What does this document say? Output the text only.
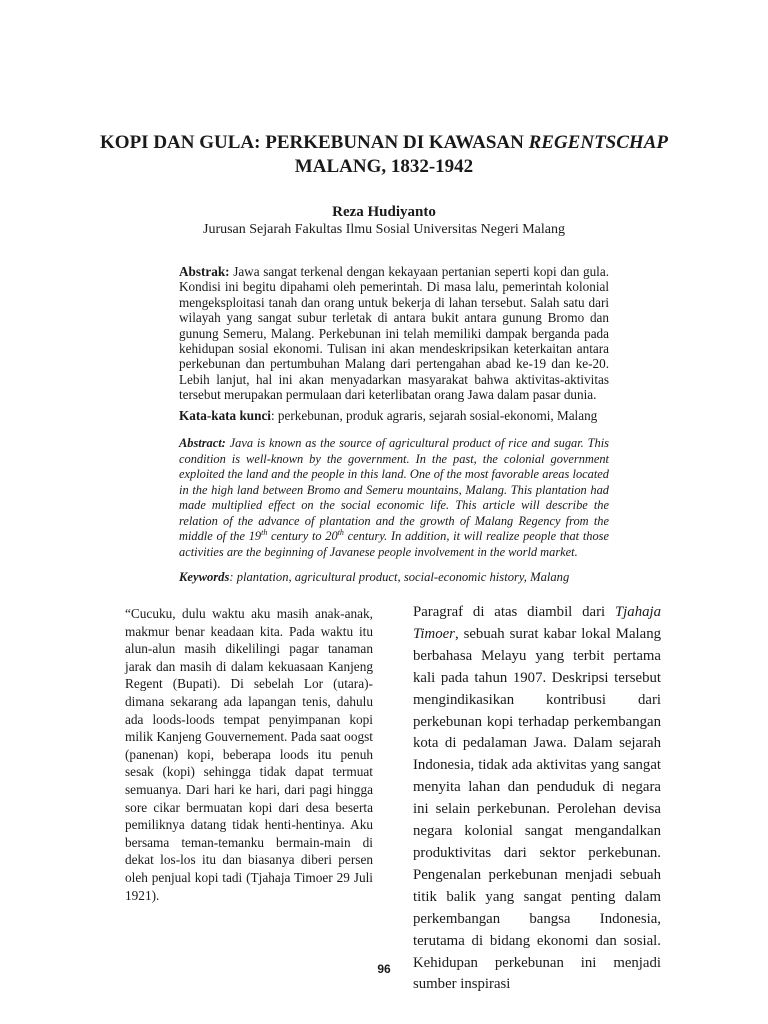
KOPI DAN GULA: PERKEBUNAN DI KAWASAN REGENTSCHAP
MALANG, 1832-1942
Reza Hudiyanto
Jurusan Sejarah Fakultas Ilmu Sosial Universitas Negeri Malang
Abstrak: Jawa sangat terkenal dengan kekayaan pertanian seperti kopi dan gula. Kondisi ini begitu dipahami oleh pemerintah. Di masa lalu, pemerintah kolonial mengeksploitasi tanah dan orang untuk bekerja di lahan tersebut. Salah satu dari wilayah yang sangat subur terletak di antara bukit antara gunung Bromo dan gunung Semeru, Malang. Perkebunan ini telah memiliki dampak berganda pada kehidupan sosial ekonomi. Tulisan ini akan mendeskripsikan keterkaitan antara perkebunan dan pertumbuhan Malang dari pertengahan abad ke-19 dan ke-20. Lebih lanjut, hal ini akan menyadarkan masyarakat bahwa aktivitas-aktivitas tersebut merupakan permulaan dari keterlibatan orang Jawa dalam pasar dunia.
Kata-kata kunci: perkebunan, produk agraris, sejarah sosial-ekonomi, Malang
Abstract: Java is known as the source of agricultural product of rice and sugar. This condition is well-known by the government. In the past, the colonial government exploited the land and the people in this land. One of the most favorable areas located in the high land between Bromo and Semeru mountains, Malang. This plantation had made multiplied effect on the social economic life. This article will describe the relation of the advance of plantation and the growth of Malang Regency from the middle of the 19th century to 20th century. In addition, it will realize people that those activities are the beginning of Javanese people involvement in the world market.
Keywords: plantation, agricultural product, social-economic history, Malang
“Cucuku, dulu waktu aku masih anak-anak, makmur benar keadaan kita. Pada waktu itu alun-alun masih dikelilingi pagar tanaman jarak dan masih di dalam kekuasaan Kanjeng Regent (Bupati). Di sebelah Lor (utara)- dimana sekarang ada lapangan tenis, dahulu ada loods-loods tempat penyimpanan kopi milik Kanjeng Gouvernement. Pada saat oogst (panenan) kopi, beberapa loods itu penuh sesak (kopi) sehingga tidak dapat termuat semuanya. Dari hari ke hari, dari pagi hingga sore cikar bermuatan kopi dari desa beserta pemiliknya datang tidak henti-hentinya. Aku bersama teman-temanku bermain-main di dekat los-los itu dan biasanya diberi persen oleh penjual kopi tadi (Tjahaja Timoer 29 Juli 1921).
Paragraf di atas diambil dari Tjahaja Timoer, sebuah surat kabar lokal Malang berbahasa Melayu yang terbit pertama kali pada tahun 1907. Deskripsi tersebut mengindikasikan kontribusi dari perkebunan kopi terhadap perkembangan kota di pedalaman Jawa. Dalam sejarah Indonesia, tidak ada aktivitas yang sangat menyita lahan dan penduduk di negara ini selain perkebunan. Perolehan devisa negara kolonial sangat mengandalkan produktivitas dari sektor perkebunan. Pengenalan perkebunan menjadi sebuah titik balik yang sangat penting dalam perkembangan bangsa Indonesia, terutama di bidang ekonomi dan sosial. Kehidupan perkebunan ini menjadi sumber inspirasi
96
